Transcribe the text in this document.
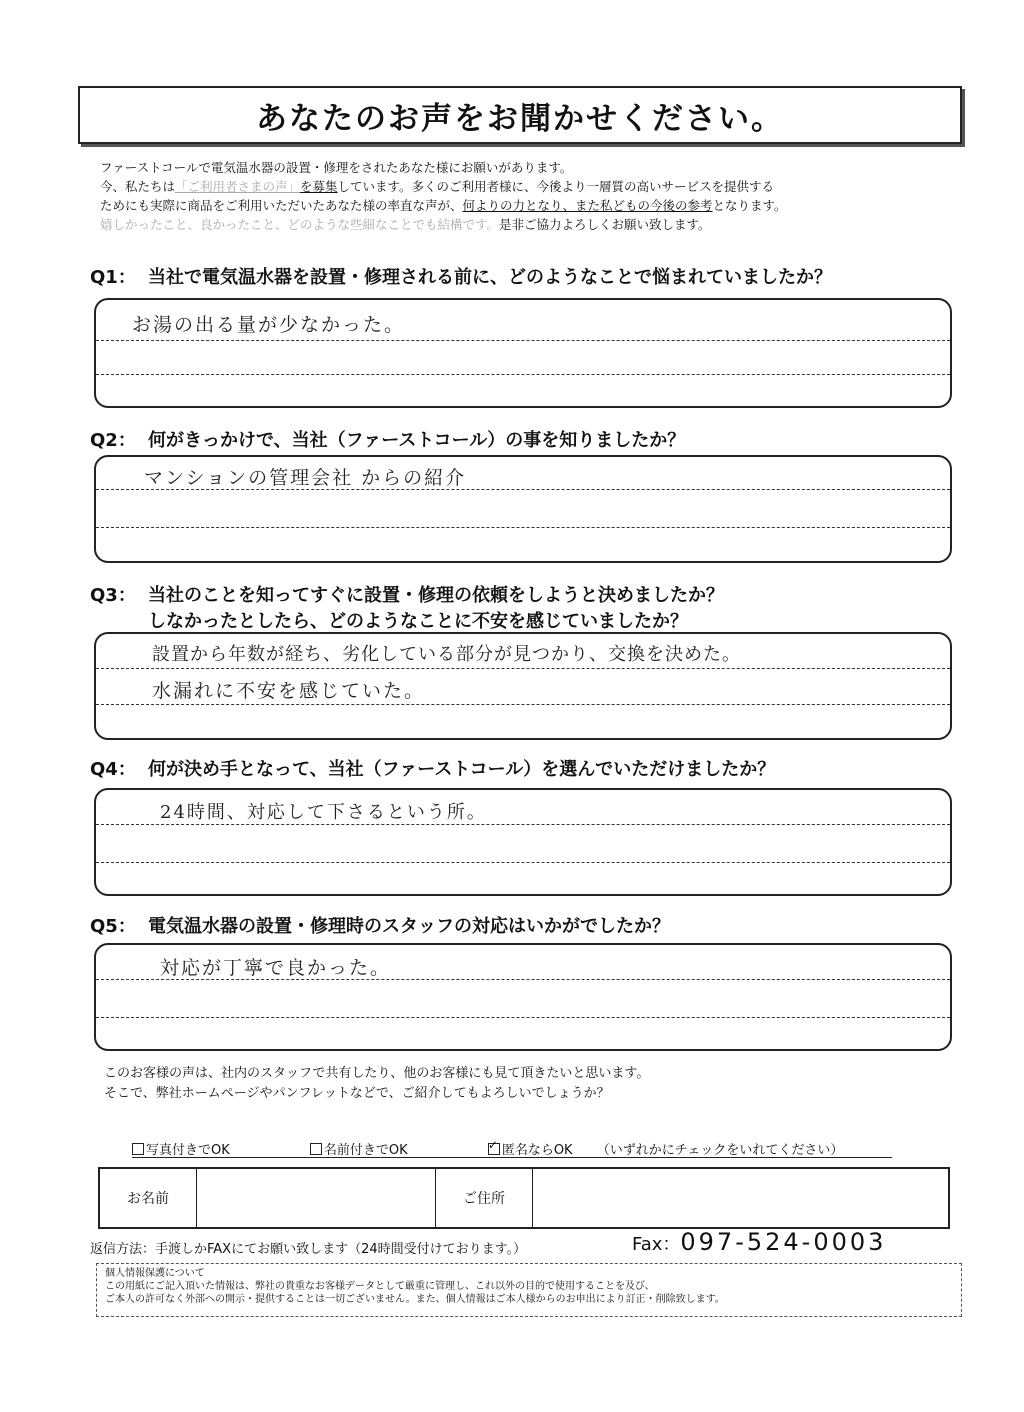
あなたのお声をお聞かせください。
ファーストコールで電気温水器の設置・修理をされたあなた様にお願いがあります。
今、私たちは「ご利用者さまの声」を募集しています。多くのご利用者様に、今後より一層質の高いサービスを提供する
ためにも実際に商品をご利用いただいたあなた様の率直な声が、何よりの力となり、また私どもの今後の参考となります。
嬉しかったこと、良かったこと、どのような些細なことでも結構です。是非ご協力よろしくお願い致します。
Q1： 当社で電気温水器を設置・修理される前に、どのようなことで悩まれていましたか？
お湯の出る量が少なかった。
Q2： 何がきっかけで、当社（ファーストコール）の事を知りましたか？
マンションの管理会社 からの紹介
Q3： 当社のことを知ってすぐに設置・修理の依頼をしようと決めましたか？
しなかったとしたら、どのようなことに不安を感じていましたか？
設置から年数が経ち、劣化している部分が見つかり、交換を決めた。
水漏れに不安を感じていた。
Q4： 何が決め手となって、当社（ファーストコール）を選んでいただけましたか？
24時間、対応して下さるという所。
Q5： 電気温水器の設置・修理時のスタッフの対応はいかがでしたか？
対応が丁寧で良かった。
このお客様の声は、社内のスタッフで共有したり、他のお客様にも見て頂きたいと思います。
そこで、弊社ホームページやパンフレットなどで、ご紹介してもよろしいでしょうか？
写真付きでOK	名前付きでOK ✓	匿名ならOK （いずれかにチェックをいれてください）
お名前	ご住所
返信方法：手渡しかFAXにてお願い致します（24時間受付けております。）	Fax：097-524-0003
個人情報保護について
この用紙にご記入頂いた情報は、弊社の貴重なお客様データとして厳重に管理し、これ以外の目的で使用することを及び、
ご本人の許可なく外部への開示・提供することは一切ございません。また、個人情報はご本人様からのお申出により訂正・削除致します。
